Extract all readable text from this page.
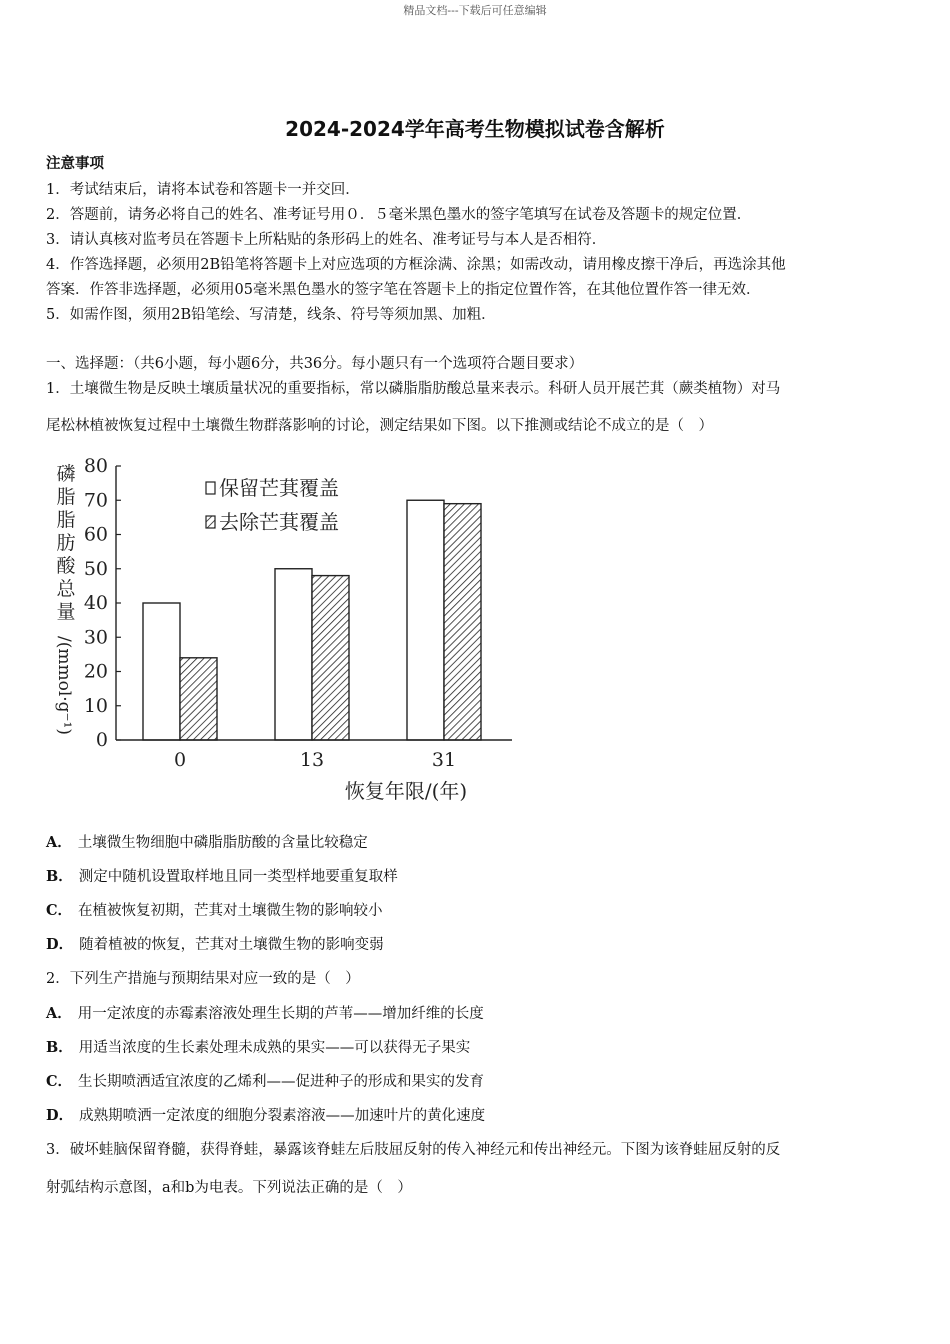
精品文档---下载后可任意编辑
2024-2024学年高考生物模拟试卷含解析
注意事项
1．考试结束后，请将本试卷和答题卡一并交回．
2．答题前，请务必将自己的姓名、准考证号用０．５毫米黑色墨水的签字笔填写在试卷及答题卡的规定位置．
3．请认真核对监考员在答题卡上所粘贴的条形码上的姓名、准考证号与本人是否相符．
4．作答选择题，必须用2B铅笔将答题卡上对应选项的方框涂满、涂黑；如需改动，请用橡皮擦干净后，再选涂其他
答案．作答非选择题，必须用05毫米黑色墨水的签字笔在答题卡上的指定位置作答，在其他位置作答一律无效．
5．如需作图，须用2B铅笔绘、写清楚，线条、符号等须加黑、加粗．
一、选择题：（共6小题，每小题6分，共36分。每小题只有一个选项符合题目要求）
1．土壤微生物是反映土壤质量状况的重要指标，常以磷脂脂肪酸总量来表示。科研人员开展芒萁（蕨类植物）对马
尾松林植被恢复过程中土壤微生物群落影响的讨论，测定结果如下图。以下推测或结论不成立的是（　）
磷
脂
脂
肪
酸
总
量
/(mmol·g⁻¹)
0
10
20
30
40
50
60
70
80
0	13	31
恢复年限/(年)
保留芒萁覆盖
去除芒萁覆盖
A． 土壤微生物细胞中磷脂脂肪酸的含量比较稳定
B． 测定中随机设置取样地且同一类型样地要重复取样
C． 在植被恢复初期，芒萁对土壤微生物的影响较小
D． 随着植被的恢复，芒萁对土壤微生物的影响变弱
2．下列生产措施与预期结果对应一致的是（　）
A． 用一定浓度的赤霉素溶液处理生长期的芦苇——增加纤维的长度
B． 用适当浓度的生长素处理未成熟的果实——可以获得无子果实
C． 生长期喷洒适宜浓度的乙烯利——促进种子的形成和果实的发育
D． 成熟期喷洒一定浓度的细胞分裂素溶液——加速叶片的黄化速度
3．破坏蛙脑保留脊髓，获得脊蛙，暴露该脊蛙左后肢屈反射的传入神经元和传出神经元。下图为该脊蛙屈反射的反
射弧结构示意图，a和b为电表。下列说法正确的是（　）
